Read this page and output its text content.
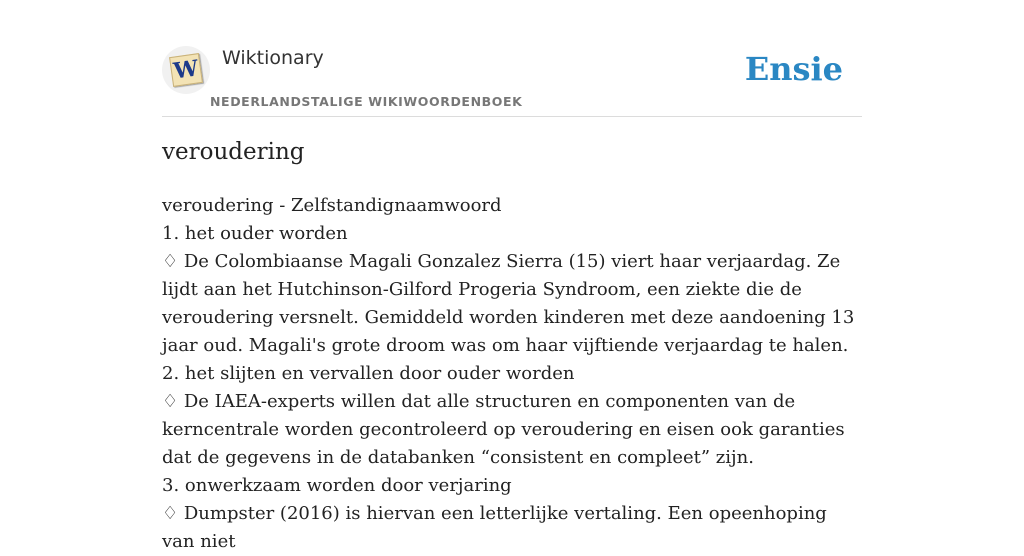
W Wiktionary
NEDERLANDSTALIGE WIKIWOORDENBOEK
Ensie
veroudering

veroudering - Zelfstandignaamwoord

1. het ouder worden

♢ De Colombiaanse Magali Gonzalez Sierra (15) viert haar verjaardag. Ze lijdt aan het Hutchinson-Gilford Progeria Syndroom, een ziekte die de veroudering versnelt. Gemiddeld worden kinderen met deze aandoening 13 jaar oud. Magali's grote droom was om haar vijftiende verjaardag te halen.

2. het slijten en vervallen door ouder worden

♢ De IAEA-experts willen dat alle structuren en componenten van de kerncentrale worden gecontroleerd op veroudering en eisen ook garanties dat de gegevens in de databanken “consistent en compleet” zijn.

3. onwerkzaam worden door verjaring

♢ Dumpster (2016) is hiervan een letterlijke vertaling. Een opeenhoping van niet
